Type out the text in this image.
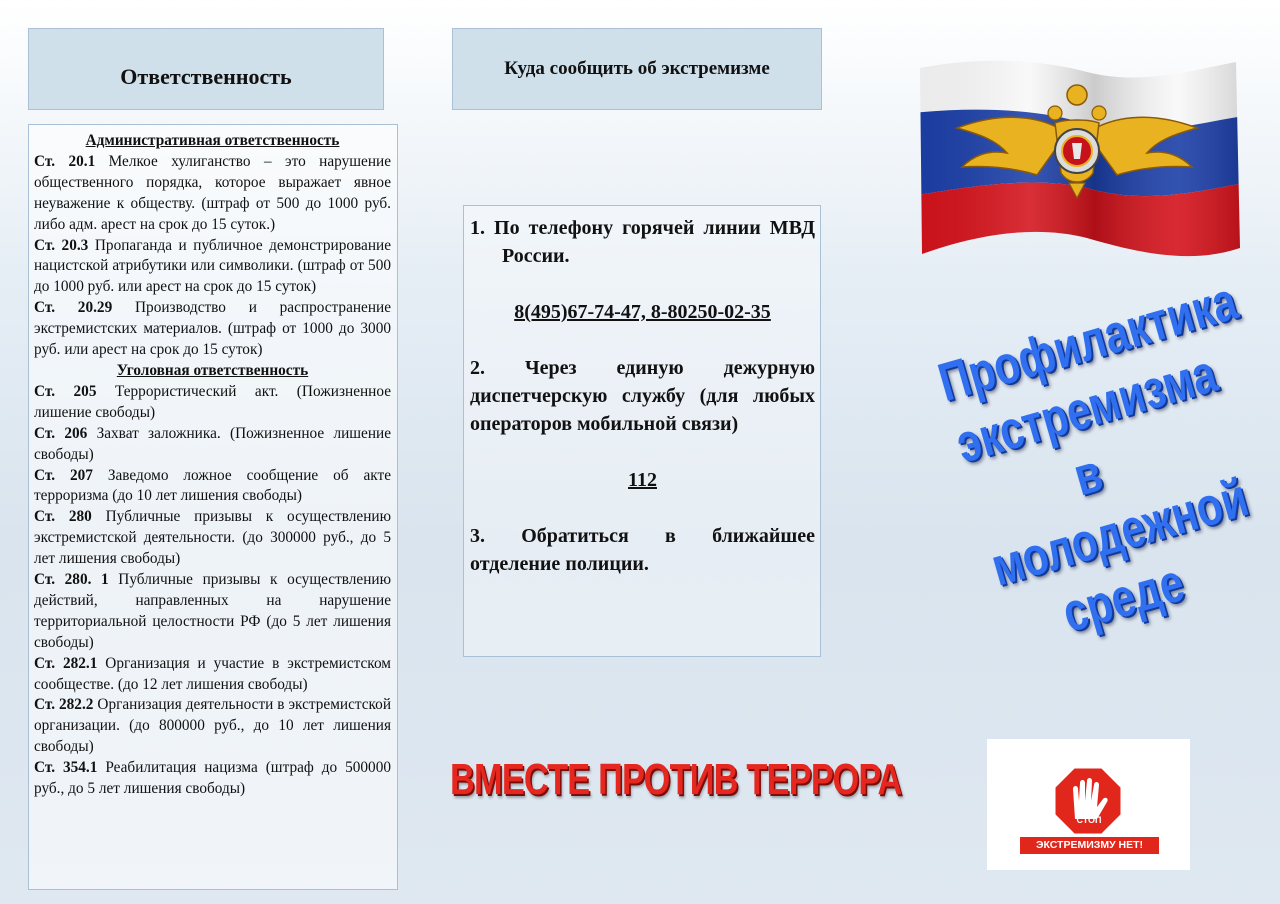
Ответственность

Административная ответственность

Ст. 20.1 Мелкое хулиганство – это нарушение общественного порядка, которое выражает явное неуважение к обществу. (штраф от 500 до 1000 руб. либо адм. арест на срок до 15 суток.)

Ст. 20.3 Пропаганда и публичное демонстрирование нацистской атрибутики или символики. (штраф от 500 до 1000 руб. или арест на срок до 15 суток)

Ст. 20.29 Производство и распространение экстремистских материалов. (штраф от 1000 до 3000 руб. или арест на срок до 15 суток)

Уголовная ответственность

Ст. 205 Террористический акт. (Пожизненное лишение свободы)

Ст. 206 Захват заложника. (Пожизненное лишение свободы)

Ст. 207 Заведомо ложное сообщение об акте терроризма (до 10 лет лишения свободы)

Ст. 280 Публичные призывы к осуществлению экстремистской деятельности. (до 300000 руб., до 5 лет лишения свободы)

Ст. 280. 1 Публичные призывы к осуществлению действий, направленных на нарушение территориальной целостности РФ (до 5 лет лишения свободы)

Ст. 282.1 Организация и участие в экстремистском сообществе. (до 12 лет лишения свободы)

Ст. 282.2 Организация деятельности в экстремистской организации. (до 800000 руб., до 10 лет лишения свободы)

Ст. 354.1 Реабилитация нацизма (штраф до 500000 руб., до 5 лет лишения свободы)

Куда сообщить об экстремизме

1. По телефону горячей линии МВД России.

8(495)67-74-47, 8-80250-02-35

2. Через единую дежурную диспетчерскую службу (для любых операторов мобильной связи)

112

3. Обратиться в ближайшее отделение полиции.

ВМЕСТЕ ПРОТИВ ТЕРРОРА
Профилактика экстремизма в молодежной среде
СТОП
ЭКСТРЕМИЗМУ НЕТ!
